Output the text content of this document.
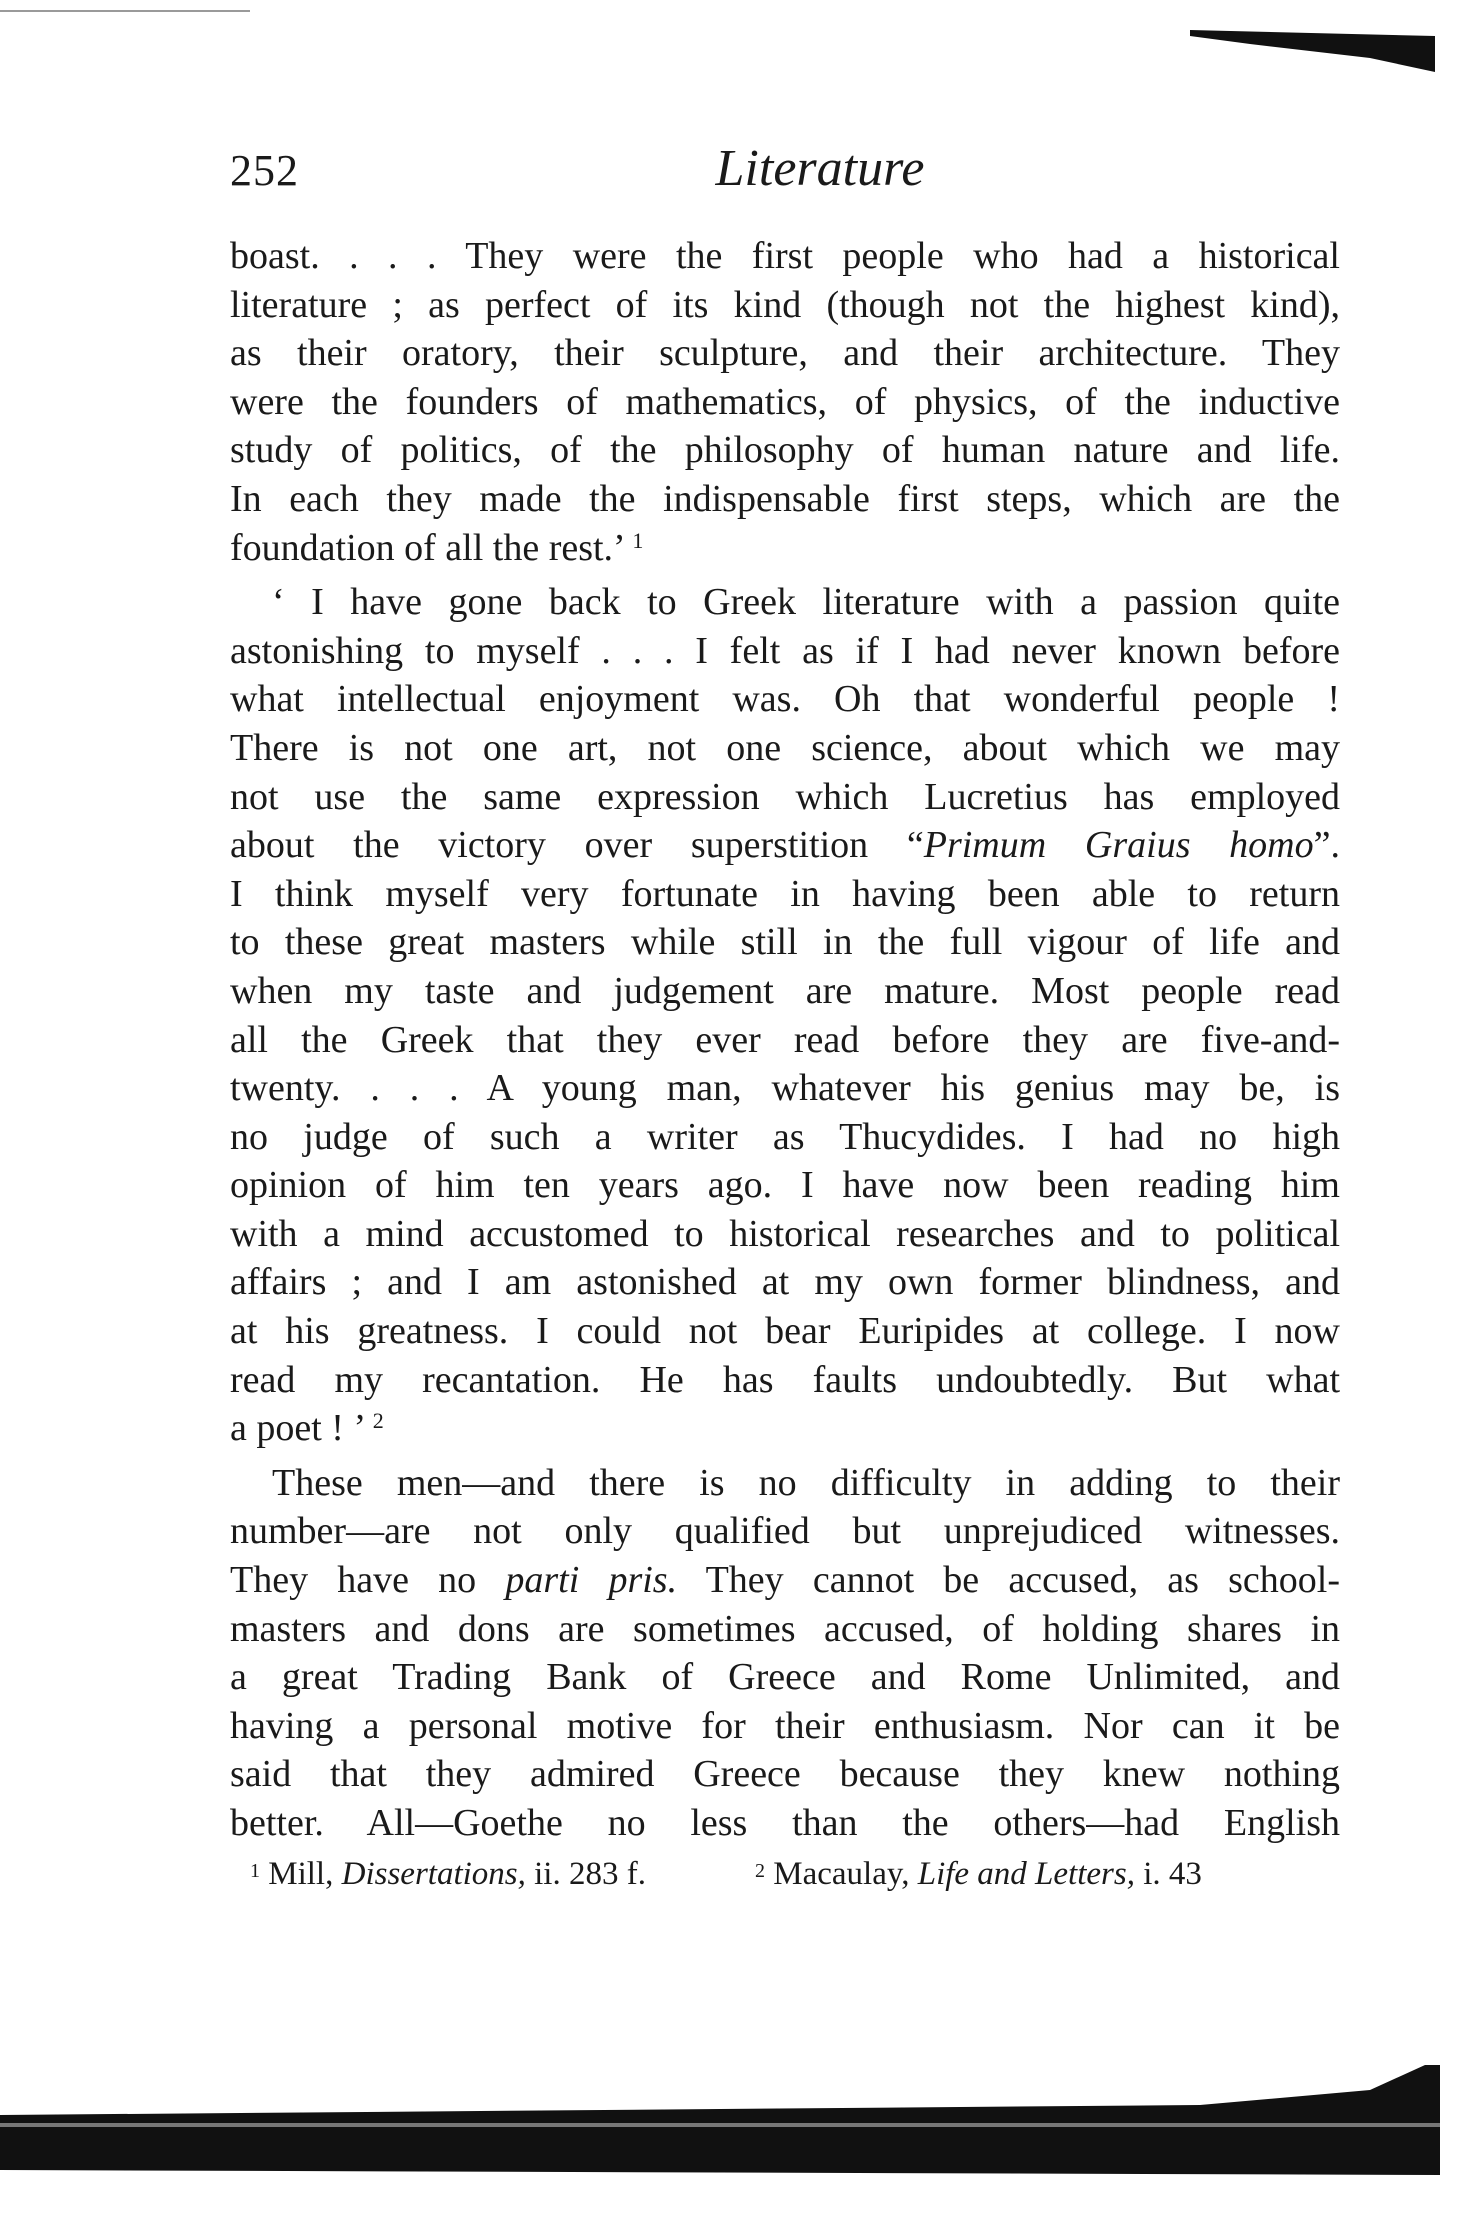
252	Literature
boast. . . . They were the first people who had a historical
literature ; as perfect of its kind (though not the highest kind),
as their oratory, their sculpture, and their architecture. They
were the founders of mathematics, of physics, of the inductive
study of politics, of the philosophy of human nature and life.
In each they made the indispensable first steps, which are the
foundation of all the rest.’ $^1$
‘ I have gone back to Greek literature with a passion quite
astonishing to myself . . . I felt as if I had never known before
what intellectual enjoyment was. Oh that wonderful people !
There is not one art, not one science, about which we may
not use the same expression which Lucretius has employed
about the victory over superstition “Primum Graius homo”.
I think myself very fortunate in having been able to return
to these great masters while still in the full vigour of life and
when my taste and judgement are mature. Most people read
all the Greek that they ever read before they are five-and-
twenty. . . . A young man, whatever his genius may be, is
no judge of such a writer as Thucydides. I had no high
opinion of him ten years ago. I have now been reading him
with a mind accustomed to historical researches and to political
affairs ; and I am astonished at my own former blindness, and
at his greatness. I could not bear Euripides at college. I now
read my recantation. He has faults undoubtedly. But what
a poet ! ’ $^2$
These men—and there is no difficulty in adding to their
number—are not only qualified but unprejudiced witnesses.
They have no parti pris. They cannot be accused, as school-
masters and dons are sometimes accused, of holding shares in
a great Trading Bank of Greece and Rome Unlimited, and
having a personal motive for their enthusiasm. Nor can it be
said that they admired Greece because they knew nothing
better. All—Goethe no less than the others—had English
$^1$ Mill, Dissertations, ii. 283 f.	$^2$ Macaulay, Life and Letters, i. 43
